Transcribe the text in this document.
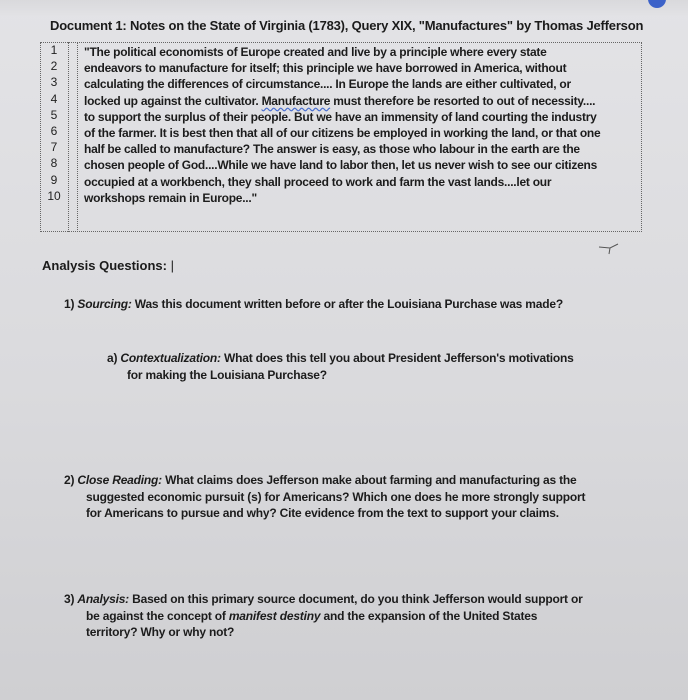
Document 1: Notes on the State of Virginia (1783), Query XIX, "Manufactures" by Thomas Jefferson
1
2
3
4
5
6
7
8
9
10
"The political economists of Europe created and live by a principle where every state
endeavors to manufacture for itself; this principle we have borrowed in America, without
calculating the differences of circumstance.... In Europe the lands are either cultivated, or
locked up against the cultivator. Manufacture must therefore be resorted to out of necessity....
to support the surplus of their people. But we have an immensity of land courting the industry
of the farmer. It is best then that all of our citizens be employed in working the land, or that one
half be called to manufacture? The answer is easy, as those who labour in the earth are the
chosen people of God....While we have land to labor then, let us never wish to see our citizens
occupied at a workbench, they shall proceed to work and farm the vast lands....let our
workshops remain in Europe..."
Analysis Questions: |
1) Sourcing: Was this document written before or after the Louisiana Purchase was made?
a) Contextualization: What does this tell you about President Jefferson's motivations
for making the Louisiana Purchase?
2) Close Reading: What claims does Jefferson make about farming and manufacturing as the
suggested economic pursuit (s) for Americans? Which one does he more strongly support
for Americans to pursue and why? Cite evidence from the text to support your claims.
3) Analysis: Based on this primary source document, do you think Jefferson would support or
be against the concept of manifest destiny and the expansion of the United States
territory? Why or why not?
